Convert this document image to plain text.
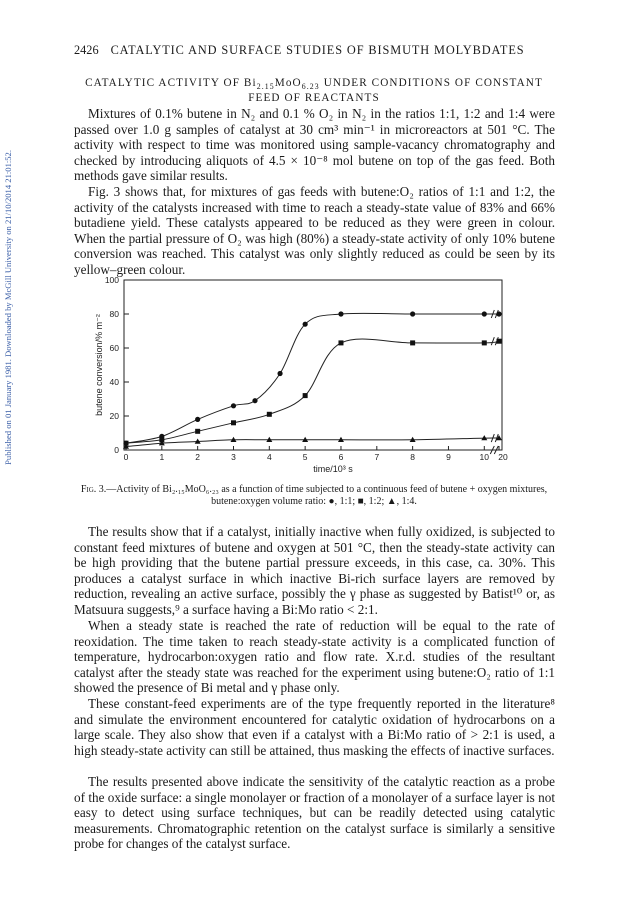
Published on 01 January 1981. Downloaded by McGill University on 21/10/2014 21:01:52.
2426 CATALYTIC AND SURFACE STUDIES OF BISMUTH MOLYBDATES
CATALYTIC ACTIVITY OF $Bi_{2.15}MoO_{6.23}$ UNDER CONDITIONS OF CONSTANT
FEED OF REACTANTS

Mixtures of 0.1% butene in N₂ and 0.1 % O₂ in N₂ in the ratios 1:1, 1:2 and 1:4 were passed over 1.0 g samples of catalyst at 30 cm³ min⁻¹ in microreactors at 501 °C. The activity with respect to time was monitored using sample-vacancy chromatography and checked by introducing aliquots of 4.5 × 10⁻⁸ mol butene on top of the gas feed. Both methods gave similar results.

Fig. 3 shows that, for mixtures of gas feeds with butene:O₂ ratios of 1:1 and 1:2, the activity of the catalysts increased with time to reach a steady-state value of 83% and 66% butadiene yield. These catalysts appeared to be reduced as they were green in colour. When the partial pressure of O₂ was high (80%) a steady-state activity of only 10% butene conversion was reached. This catalyst was only slightly reduced as could be seen by its yellow–green colour.

0
20
40
60
80
100
0	1	2	3	4	5	6	7	8	9	10 20
time/10³ s
butene conversion/% m⁻²
Fig. 3.—Activity of Bi₂.₁₅MoO₆.₂₃ as a function of time subjected to a continuous feed of butene + oxygen mixtures, butene:oxygen volume ratio: ●, 1:1; ■, 1:2; ▲, 1:4.

The results show that if a catalyst, initially inactive when fully oxidized, is subjected to constant feed mixtures of butene and oxygen at 501 °C, then the steady-state activity can be high providing that the butene partial pressure exceeds, in this case, ca. 30%. This produces a catalyst surface in which inactive Bi-rich surface layers are removed by reduction, revealing an active surface, possibly the γ phase as suggested by Batist¹⁰ or, as Matsuura suggests,⁹ a surface having a Bi:Mo ratio < 2:1.

When a steady state is reached the rate of reduction will be equal to the rate of reoxidation. The time taken to reach steady-state activity is a complicated function of temperature, hydrocarbon:oxygen ratio and flow rate. X.r.d. studies of the resultant catalyst after the steady state was reached for the experiment using butene:O₂ ratio of 1:1 showed the presence of Bi metal and γ phase only.

These constant-feed experiments are of the type frequently reported in the literature⁸ and simulate the environment encountered for catalytic oxidation of hydrocarbons on a large scale. They also show that even if a catalyst with a Bi:Mo ratio of > 2:1 is used, a high steady-state activity can still be attained, thus masking the effects of inactive surfaces.

The results presented above indicate the sensitivity of the catalytic reaction as a probe of the oxide surface: a single monolayer or fraction of a monolayer of a surface layer is not easy to detect using surface techniques, but can be readily detected using catalytic measurements. Chromatographic retention on the catalyst surface is similarly a sensitive probe for changes of the catalyst surface.
